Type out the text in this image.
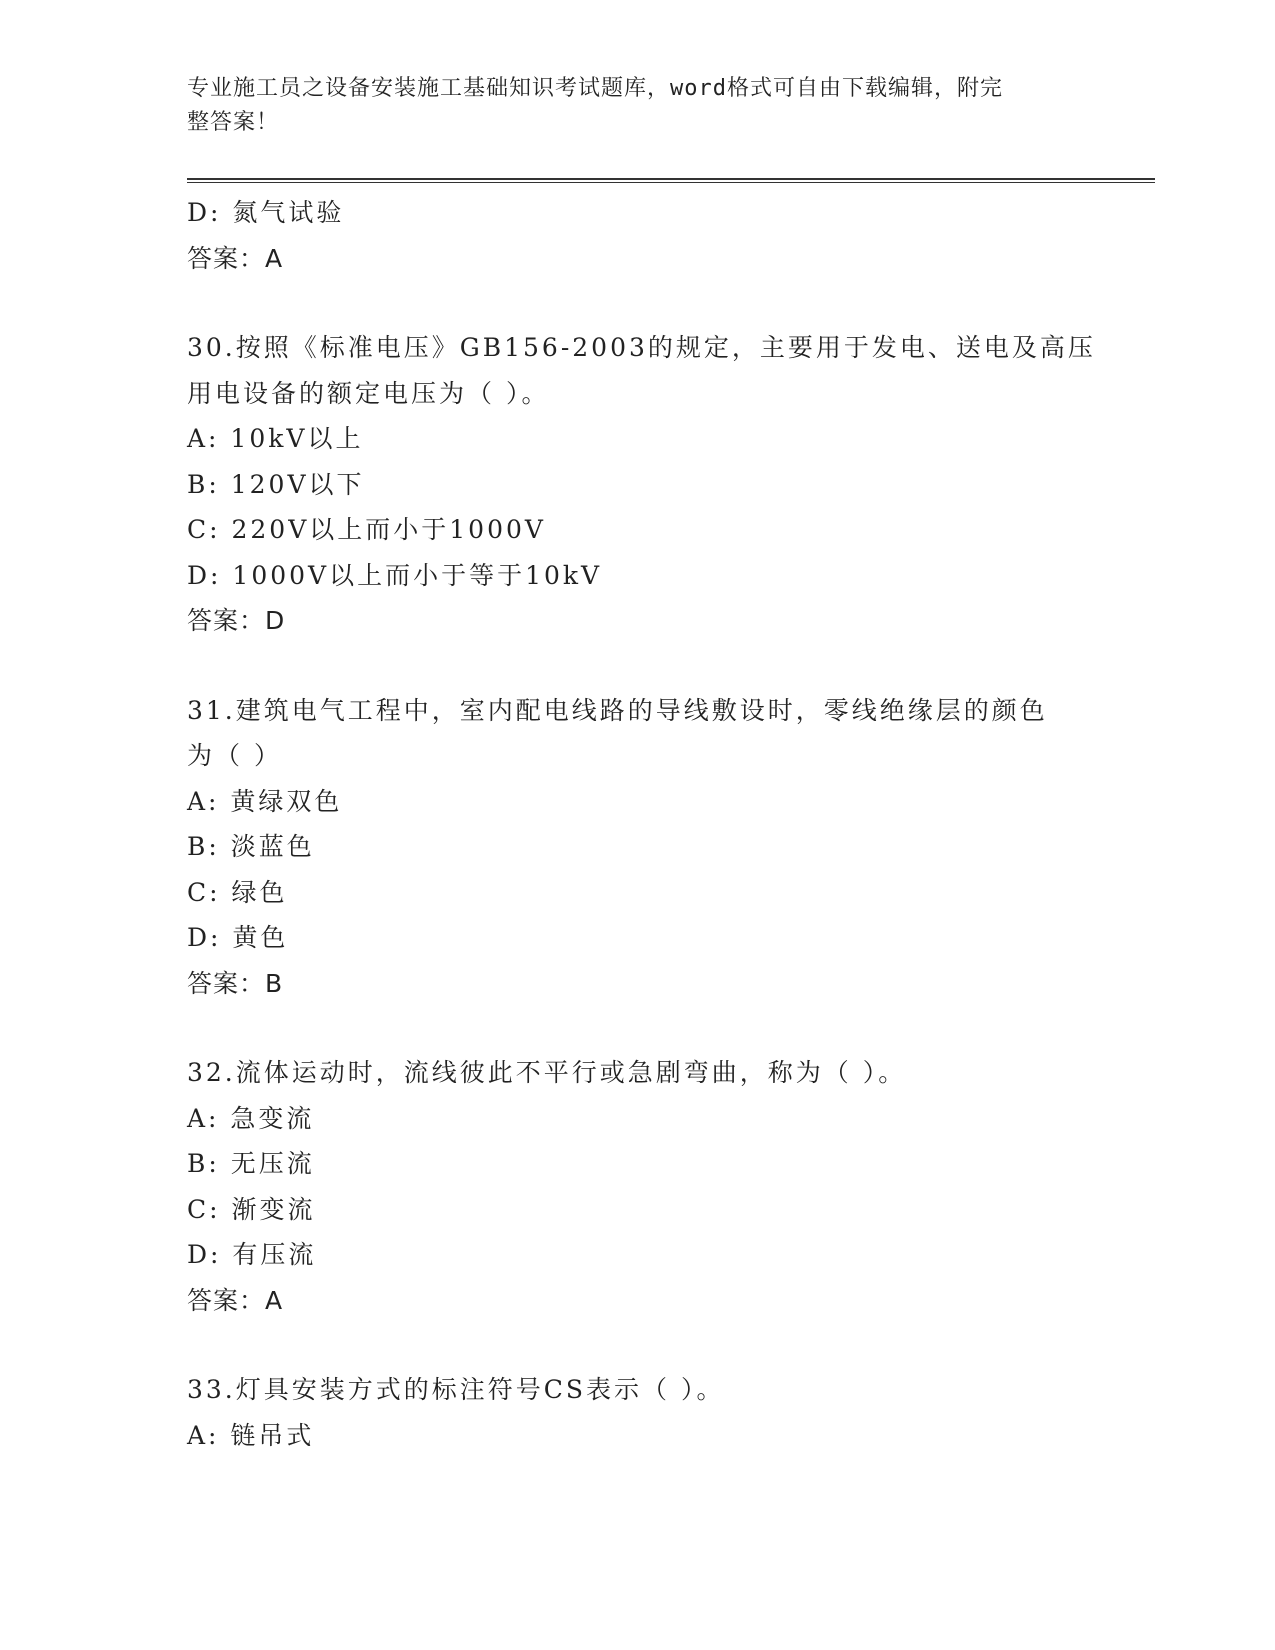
专业施工员之设备安装施工基础知识考试题库，word格式可自由下载编辑，附完
整答案！
D: 氮气试验
答案：A
30.按照《标准电压》GB156-2003的规定，主要用于发电、送电及高压
用电设备的额定电压为（ ）。
A: 10kV以上
B: 120V以下
C: 220V以上而小于1000V
D: 1000V以上而小于等于10kV
答案：D
31.建筑电气工程中，室内配电线路的导线敷设时，零线绝缘层的颜色
为（ ）
A: 黄绿双色
B: 淡蓝色
C: 绿色
D: 黄色
答案：B
32.流体运动时，流线彼此不平行或急剧弯曲，称为（ ）。
A: 急变流
B: 无压流
C: 渐变流
D: 有压流
答案：A
33.灯具安装方式的标注符号CS表示（ ）。
A: 链吊式
